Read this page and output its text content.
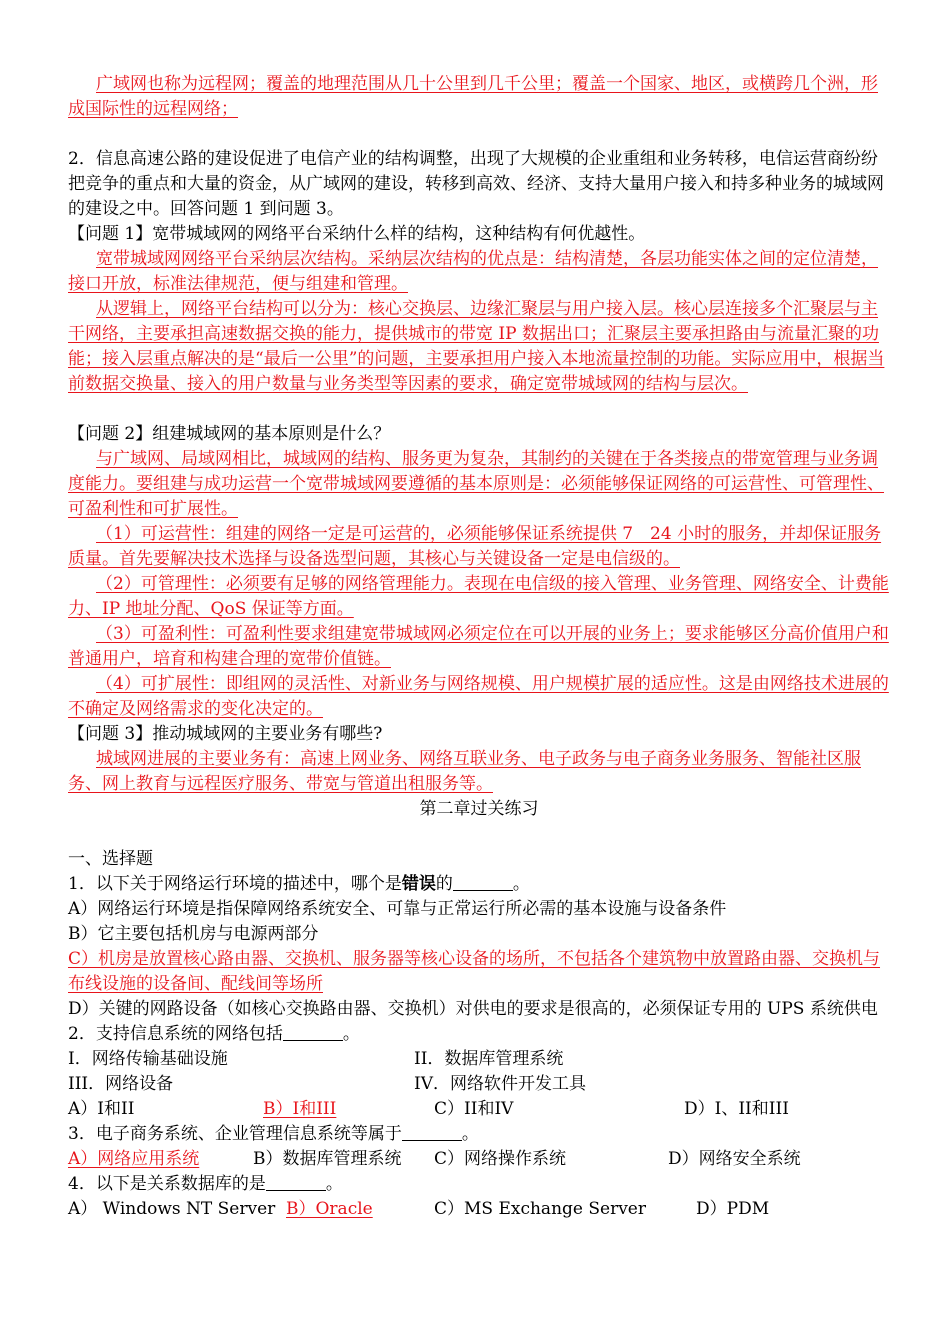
广域网也称为远程网；覆盖的地理范围从几十公里到几千公里；覆盖一个国家、地区，或横跨几个洲，形成国际性的远程网络；

2．信息高速公路的建设促进了电信产业的结构调整，出现了大规模的企业重组和业务转移，电信运营商纷纷把竞争的重点和大量的资金，从广域网的建设，转移到高效、经济、支持大量用户接入和持多种业务的城域网的建设之中。回答问题 1 到问题 3。

【问题 1】宽带城域网的网络平台采纳什么样的结构，这种结构有何优越性。

宽带城域网网络平台采纳层次结构。采纳层次结构的优点是：结构清楚，各层功能实体之间的定位清楚，接口开放，标准法律规范，便与组建和管理。

从逻辑上，网络平台结构可以分为：核心交换层、边缘汇聚层与用户接入层。核心层连接多个汇聚层与主干网络，主要承担高速数据交换的能力，提供城市的带宽 IP 数据出口；汇聚层主要承担路由与流量汇聚的功能；接入层重点解决的是“最后一公里”的问题，主要承担用户接入本地流量控制的功能。实际应用中，根据当前数据交换量、接入的用户数量与业务类型等因素的要求，确定宽带城域网的结构与层次。

【问题 2】组建城域网的基本原则是什么？

与广域网、局域网相比，城域网的结构、服务更为复杂，其制约的关键在于各类接点的带宽管理与业务调度能力。要组建与成功运营一个宽带城域网要遵循的基本原则是：必须能够保证网络的可运营性、可管理性、可盈利性和可扩展性。

（1）可运营性：组建的网络一定是可运营的，必须能够保证系统提供 7　24 小时的服务，并却保证服务质量。首先要解决技术选择与设备选型问题，其核心与关键设备一定是电信级的。

（2）可管理性：必须要有足够的网络管理能力。表现在电信级的接入管理、业务管理、网络安全、计费能力、IP 地址分配、QoS 保证等方面。

（3）可盈利性：可盈利性要求组建宽带城域网必须定位在可以开展的业务上；要求能够区分高价值用户和普通用户，培育和构建合理的宽带价值链。

（4）可扩展性：即组网的灵活性、对新业务与网络规模、用户规模扩展的适应性。这是由网络技术进展的不确定及网络需求的变化决定的。

【问题 3】推动城域网的主要业务有哪些?

城域网进展的主要业务有：高速上网业务、网络互联业务、电子政务与电子商务业务服务、智能社区服务、网上教育与远程医疗服务、带宽与管道出租服务等。

第二章过关练习

一、选择题

1．以下关于网络运行环境的描述中，哪个是错误的	。

A）网络运行环境是指保障网络系统安全、可靠与正常运行所必需的基本设施与设备条件

B）它主要包括机房与电源两部分

C）机房是放置核心路由器、交换机、服务器等核心设备的场所，不包括各个建筑物中放置路由器、交换机与布线设施的设备间、配线间等场所

D）关键的网路设备（如核心交换路由器、交换机）对供电的要求是很高的，必须保证专用的 UPS 系统供电

2．支持信息系统的网络包括	。

Ⅰ．网络传输基础设施	II．数据库管理系统
III．网络设备	IV．网络软件开发工具
A）Ⅰ和II	B）Ⅰ和III	C）II和IV	D）Ⅰ、II和III

3．电子商务系统、企业管理信息系统等属于	。

A）网络应用系统	B）数据库管理系统	C）网络操作系统	D）网络安全系统

4．以下是关系数据库的是	。

A） Windows NT Server B）Oracle	C）MS Exchange Server	D）PDM
